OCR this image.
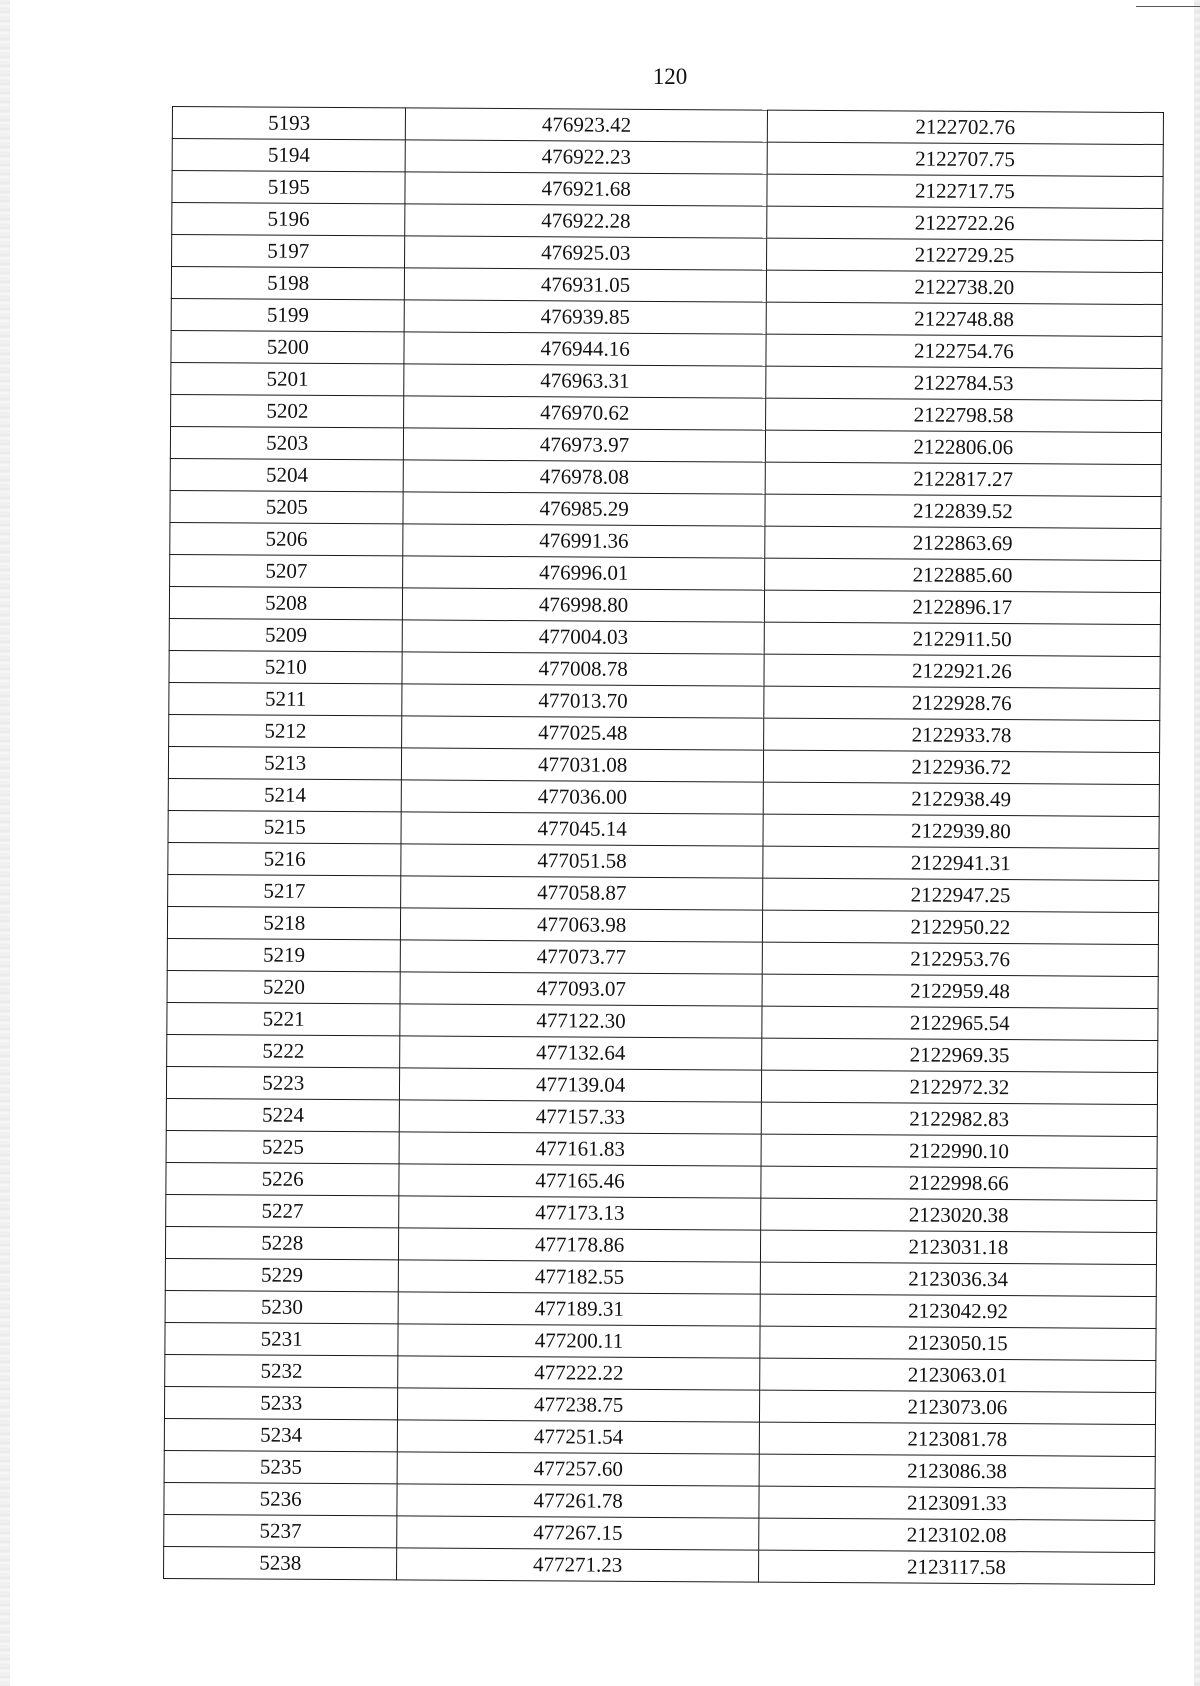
120
5193	476923.42	2122702.76
5194	476922.23	2122707.75
5195	476921.68	2122717.75
5196	476922.28	2122722.26
5197	476925.03	2122729.25
5198	476931.05	2122738.20
5199	476939.85	2122748.88
5200	476944.16	2122754.76
5201	476963.31	2122784.53
5202	476970.62	2122798.58
5203	476973.97	2122806.06
5204	476978.08	2122817.27
5205	476985.29	2122839.52
5206	476991.36	2122863.69
5207	476996.01	2122885.60
5208	476998.80	2122896.17
5209	477004.03	2122911.50
5210	477008.78	2122921.26
5211	477013.70	2122928.76
5212	477025.48	2122933.78
5213	477031.08	2122936.72
5214	477036.00	2122938.49
5215	477045.14	2122939.80
5216	477051.58	2122941.31
5217	477058.87	2122947.25
5218	477063.98	2122950.22
5219	477073.77	2122953.76
5220	477093.07	2122959.48
5221	477122.30	2122965.54
5222	477132.64	2122969.35
5223	477139.04	2122972.32
5224	477157.33	2122982.83
5225	477161.83	2122990.10
5226	477165.46	2122998.66
5227	477173.13	2123020.38
5228	477178.86	2123031.18
5229	477182.55	2123036.34
5230	477189.31	2123042.92
5231	477200.11	2123050.15
5232	477222.22	2123063.01
5233	477238.75	2123073.06
5234	477251.54	2123081.78
5235	477257.60	2123086.38
5236	477261.78	2123091.33
5237	477267.15	2123102.08
5238	477271.23	2123117.58
